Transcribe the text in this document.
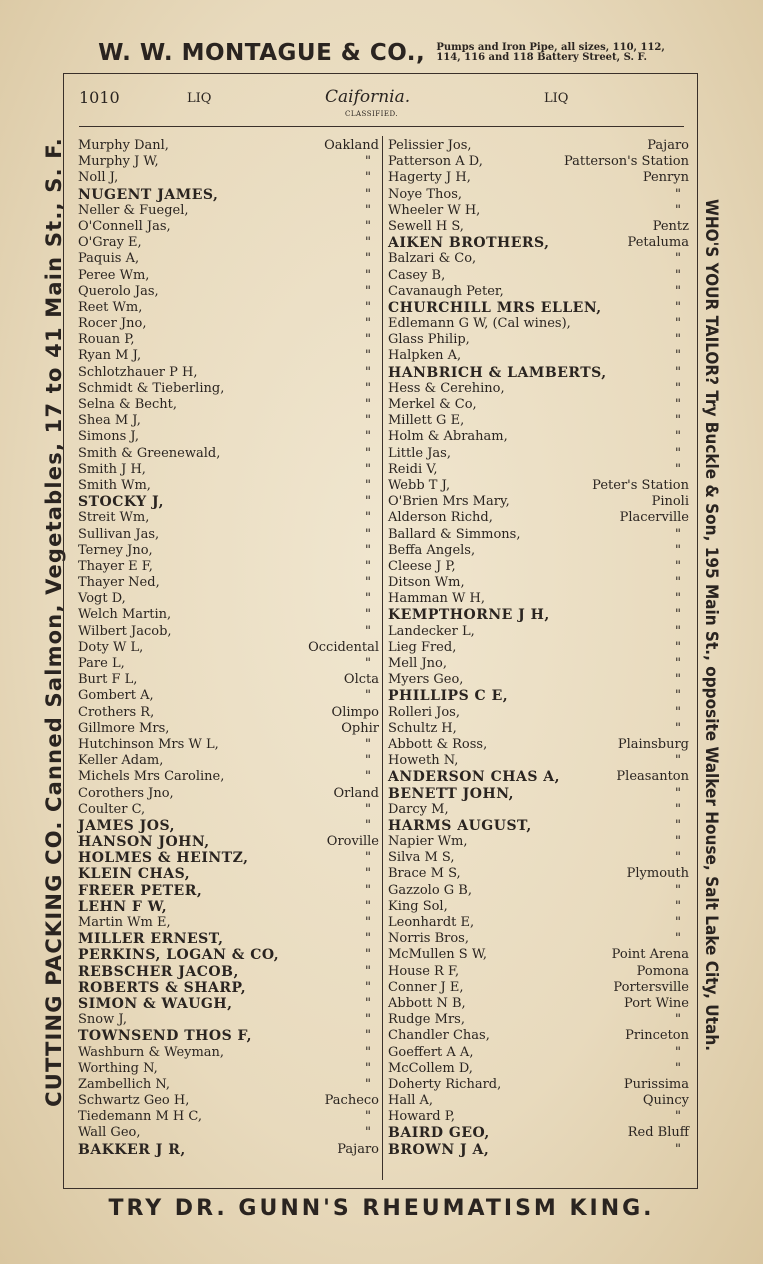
W. W. MONTAGUE & CO., Pumps and Iron Pipe, all sizes, 110, 112,
114, 116 and 118 Battery Street, S. F.
CUTTING PACKING CO. Canned Salmon, Vegetables, 17 to 41 Main St., S. F.	WHO'S YOUR TAILOR? Try Buckle & Son, 195 Main St., opposite Walker House, Salt Lake City, Utah.
1010	LIQ	Caifornia.
CLASSIFIED.
LIQ
Murphy Danl,	Oakland
Murphy J W,	"
Noll J,	"
NUGENT JAMES,	"
Neller & Fuegel,	"
O'Connell Jas,	"
O'Gray E,	"
Paquis A,	"
Peree Wm,	"
Querolo Jas,	"
Reet Wm,	"
Rocer Jno,	"
Rouan P,	"
Ryan M J,	"
Schlotzhauer P H,	"
Schmidt & Tieberling,	"
Selna & Becht,	"
Shea M J,	"
Simons J,	"
Smith & Greenewald,	"
Smith J H,	"
Smith Wm,	"
STOCKY J,	"
Streit Wm,	"
Sullivan Jas,	"
Terney Jno,	"
Thayer E F,	"
Thayer Ned,	"
Vogt D,	"
Welch Martin,	"
Wilbert Jacob,	"
Doty W L,	Occidental
Pare L,	"
Burt F L,	Olcta
Gombert A,	"
Crothers R,	Olimpo
Gillmore Mrs,	Ophir
Hutchinson Mrs W L,	"
Keller Adam,	"
Michels Mrs Caroline,	"
Corothers Jno,	Orland
Coulter C,	"
JAMES JOS,	"
HANSON JOHN,	Oroville
HOLMES & HEINTZ,	"
KLEIN CHAS,	"
FREER PETER,	"
LEHN F W,	"
Martin Wm E,	"
MILLER ERNEST,	"
PERKINS, LOGAN & CO,	"
REBSCHER JACOB,	"
ROBERTS & SHARP,	"
SIMON & WAUGH,	"
Snow J,	"
TOWNSEND THOS F,	"
Washburn & Weyman,	"
Worthing N,	"
Zambellich N,	"
Schwartz Geo H,	Pacheco
Tiedemann M H C,	"
Wall Geo,	"
BAKKER J R,	Pajaro
Pelissier Jos,	Pajaro
Patterson A D,	Patterson's Station
Hagerty J H,	Penryn
Noye Thos,	"
Wheeler W H,	"
Sewell H S,	Pentz
AIKEN BROTHERS,	Petaluma
Balzari & Co,	"
Casey B,	"
Cavanaugh Peter,	"
CHURCHILL MRS ELLEN,	"
Edlemann G W, (Cal wines),	"
Glass Philip,	"
Halpken A,	"
HANBRICH & LAMBERTS,	"
Hess & Cerehino,	"
Merkel & Co,	"
Millett G E,	"
Holm & Abraham,	"
Little Jas,	"
Reidi V,	"
Webb T J,	Peter's Station
O'Brien Mrs Mary,	Pinoli
Alderson Richd,	Placerville
Ballard & Simmons,	"
Beffa Angels,	"
Cleese J P,	"
Ditson Wm,	"
Hamman W H,	"
KEMPTHORNE J H,	"
Landecker L,	"
Lieg Fred,	"
Mell Jno,	"
Myers Geo,	"
PHILLIPS C E,	"
Rolleri Jos,	"
Schultz H,	"
Abbott & Ross,	Plainsburg
Howeth N,	"
ANDERSON CHAS A,	Pleasanton
BENETT JOHN,	"
Darcy M,	"
HARMS AUGUST,	"
Napier Wm,	"
Silva M S,	"
Brace M S,	Plymouth
Gazzolo G B,	"
King Sol,	"
Leonhardt E,	"
Norris Bros,	"
McMullen S W,	Point Arena
House R F,	Pomona
Conner J E,	Portersville
Abbott N B,	Port Wine
Rudge Mrs,	"
Chandler Chas,	Princeton
Goeffert A A,	"
McCollem D,	"
Doherty Richard,	Purissima
Hall A,	Quincy
Howard P,	"
BAIRD GEO,	Red Bluff
BROWN J A,	"
TRY DR. GUNN'S RHEUMATISM KING.
